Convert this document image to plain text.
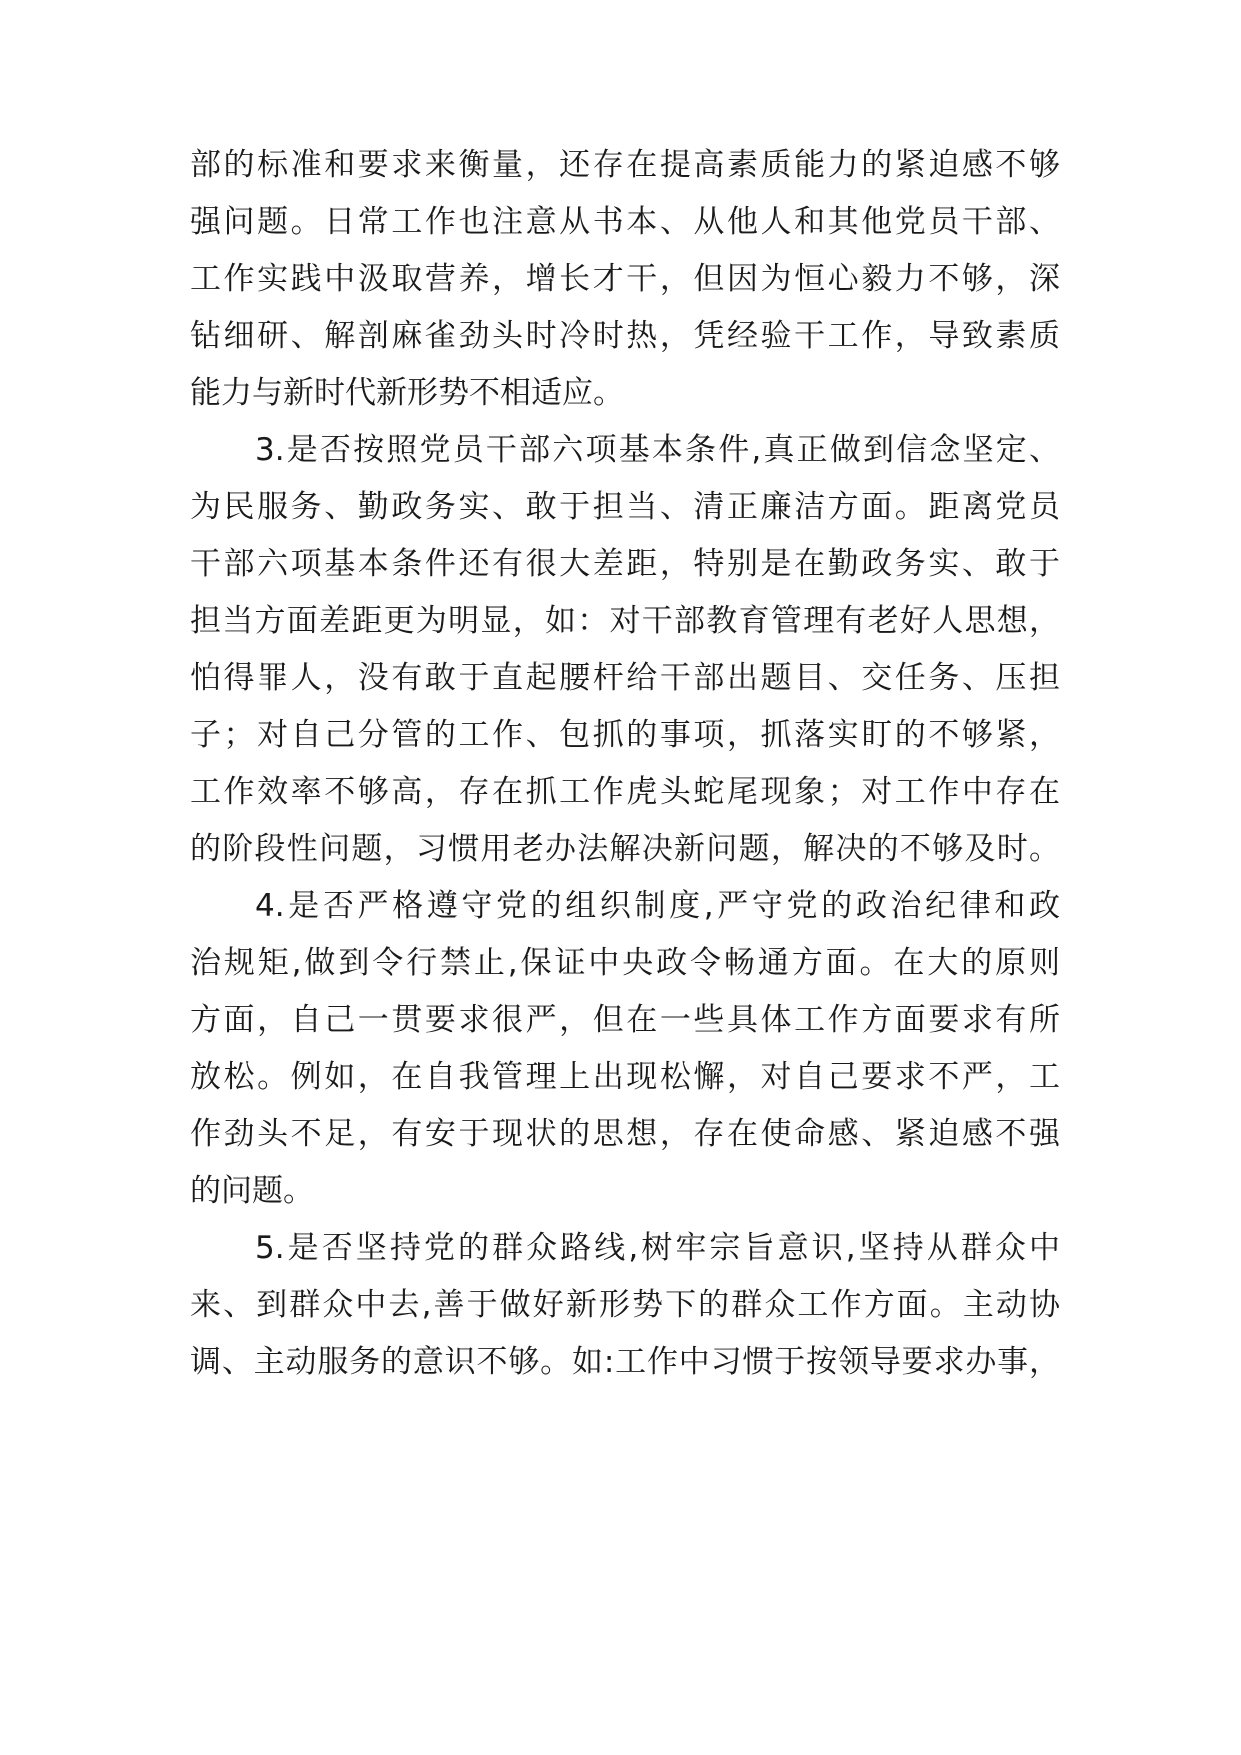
部的标准和要求来衡量，还存在提高素质能力的紧迫感不够
强问题。日常工作也注意从书本、从他人和其他党员干部、
工作实践中汲取营养，增长才干，但因为恒心毅力不够，深
钻细研、解剖麻雀劲头时冷时热，凭经验干工作，导致素质
能力与新时代新形势不相适应。
3.是否按照党员干部六项基本条件,真正做到信念坚定、
为民服务、勤政务实、敢于担当、清正廉洁方面。距离党员
干部六项基本条件还有很大差距，特别是在勤政务实、敢于
担当方面差距更为明显，如：对干部教育管理有老好人思想，
怕得罪人，没有敢于直起腰杆给干部出题目、交任务、压担
子；对自己分管的工作、包抓的事项，抓落实盯的不够紧，
工作效率不够高，存在抓工作虎头蛇尾现象；对工作中存在
的阶段性问题，习惯用老办法解决新问题，解决的不够及时。
4.是否严格遵守党的组织制度,严守党的政治纪律和政
治规矩,做到令行禁止,保证中央政令畅通方面。在大的原则
方面，自己一贯要求很严，但在一些具体工作方面要求有所
放松。例如，在自我管理上出现松懈，对自己要求不严，工
作劲头不足，有安于现状的思想，存在使命感、紧迫感不强
的问题。
5.是否坚持党的群众路线,树牢宗旨意识,坚持从群众中
来、到群众中去,善于做好新形势下的群众工作方面。主动协
调、主动服务的意识不够。如:工作中习惯于按领导要求办事，
